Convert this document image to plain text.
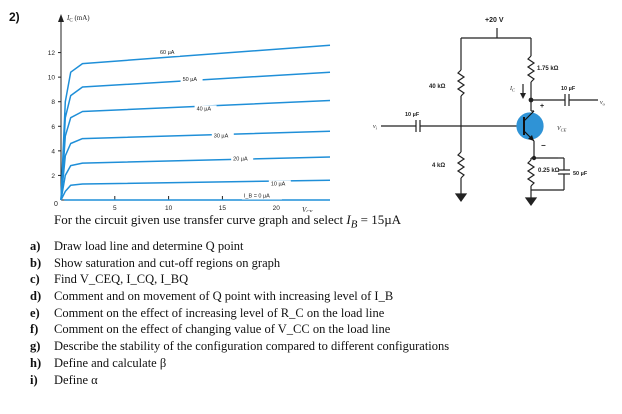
2)	$I_C$ (mA)
V
0
2
4
6
8
10
12
5	10	15	20
I_B = 0 µA
10 µA
20 µA
30 µA
40 µA
50 µA
60 µA
+20 V
40 kΩ
4 kΩ
$v_i$
10 µF
1.75 kΩ
$I_C$	10 µF
$v_o$
+
$V_{CE}$
−
0.25 kΩ 50 µF
For the circuit given use transfer curve graph and select $I_B = 15\mu A$
a) Draw load line and determine Q point
b) Show saturation and cut-off regions on graph
c) Find V_CEQ, I_CQ, I_BQ
d) Comment and on movement of Q point with increasing level of I_B
e) Comment on the effect of increasing level of R_C on the load line
f) Comment on the effect of changing value of V_CC on the load line
g) Describe the stability of the configuration compared to different configurations
h) Define and calculate β
i) Define α
